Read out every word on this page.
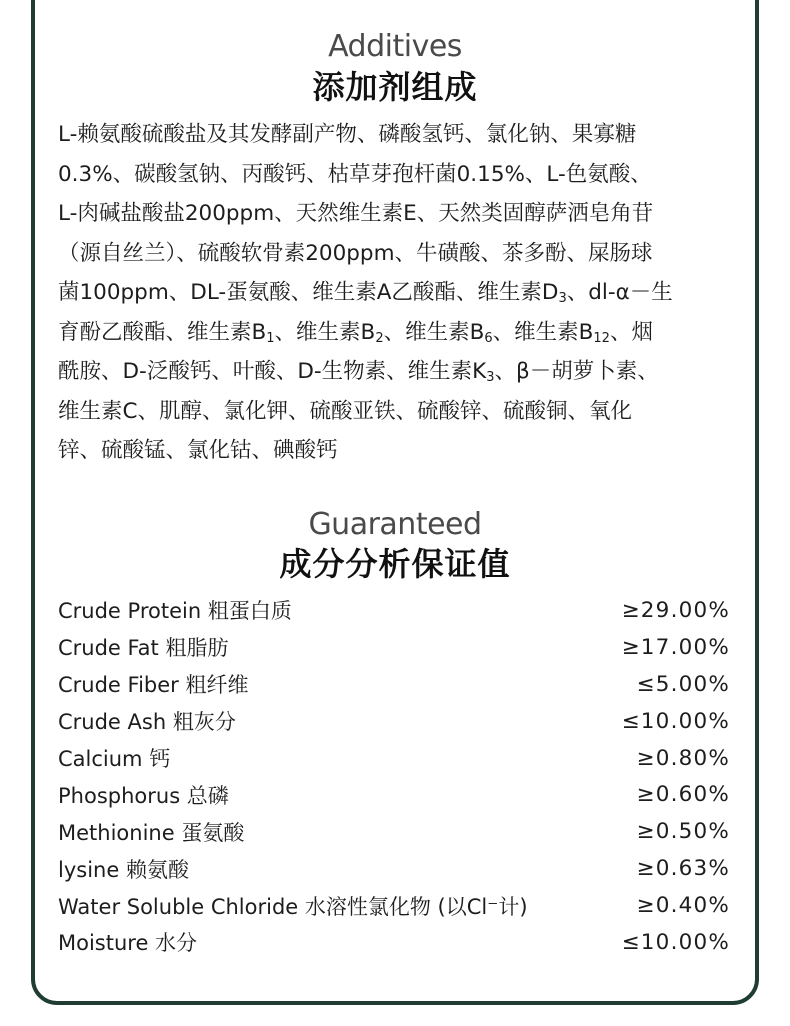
Additives
添加剂组成

L-赖氨酸硫酸盐及其发酵副产物、磷酸氢钙、氯化钠、果寡糖
0.3%、碳酸氢钠、丙酸钙、枯草芽孢杆菌0.15%、L-色氨酸、
L-肉碱盐酸盐200ppm、天然维生素E、天然类固醇萨洒皂角苷
（源自丝兰）、硫酸软骨素200ppm、牛磺酸、茶多酚、屎肠球
菌100ppm、DL-蛋氨酸、维生素A乙酸酯、维生素$D_3$、dl-α－生
育酚乙酸酯、维生素$B_1$、维生素$B_2$、维生素$B_6$、维生素$B_{12}$、烟
酰胺、D-泛酸钙、叶酸、D-生物素、维生素$K_3$、β－胡萝卜素、
维生素C、肌醇、氯化钾、硫酸亚铁、硫酸锌、硫酸铜、氧化
锌、硫酸锰、氯化钴、碘酸钙

Guaranteed
成分分析保证值
Crude Protein 粗蛋白质	≥29.00%
Crude Fat 粗脂肪	≥17.00%
Crude Fiber 粗纤维	≤5.00%
Crude Ash 粗灰分	≤10.00%
Calcium 钙	≥0.80%
Phosphorus 总磷	≥0.60%
Methionine 蛋氨酸	≥0.50%
lysine 赖氨酸	≥0.63%
Water Soluble Chloride 水溶性氯化物 (以Cl⁻计)	≥0.40%
Moisture 水分	≤10.00%
